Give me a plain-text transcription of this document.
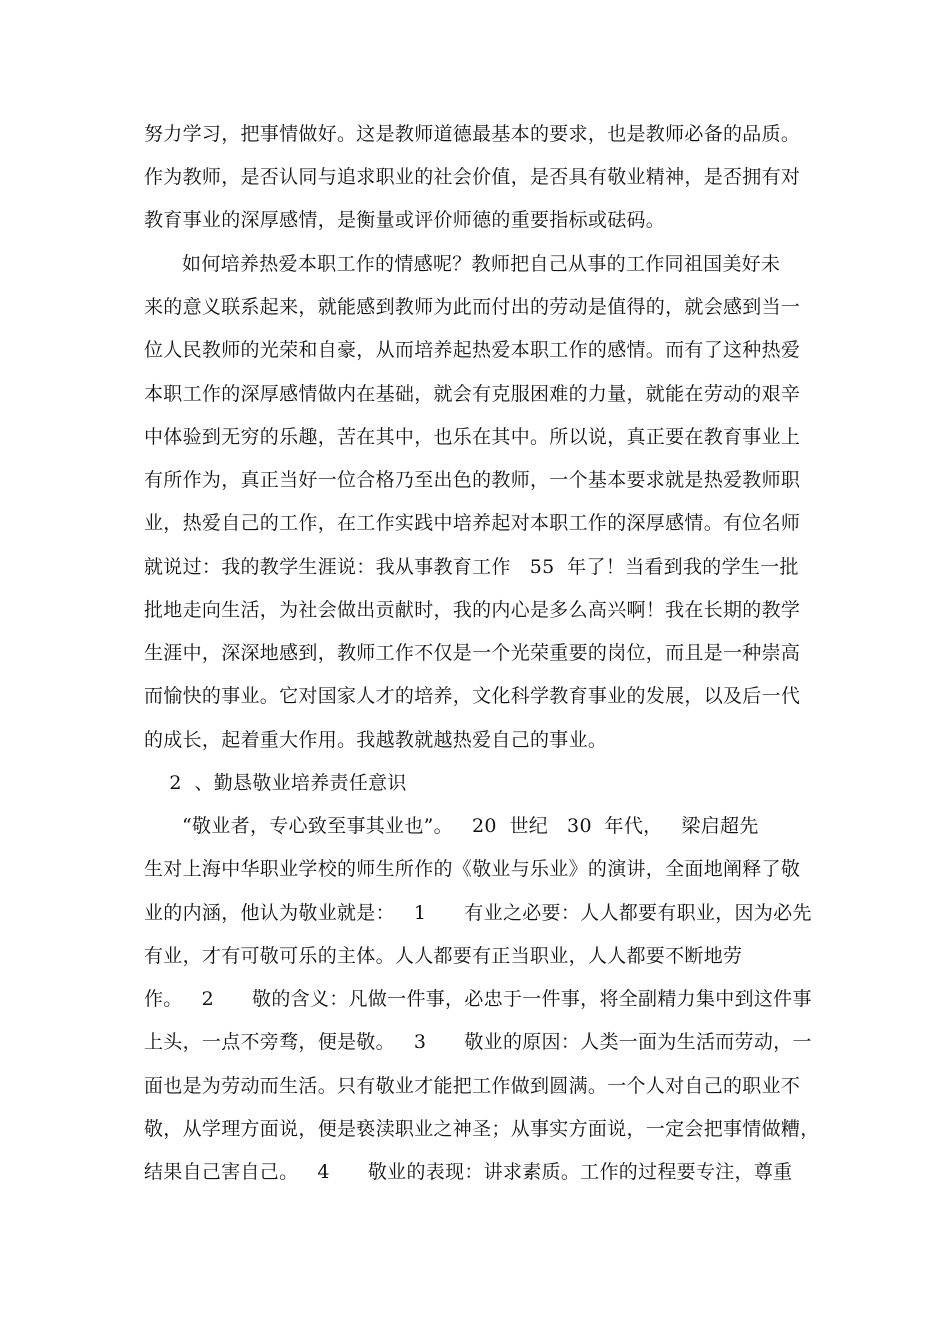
努力学习，把事情做好。这是教师道德最基本的要求，也是教师必备的品质。
作为教师，是否认同与追求职业的社会价值，是否具有敬业精神，是否拥有对
教育事业的深厚感情，是衡量或评价师德的重要指标或砝码。
如何培养热爱本职工作的情感呢？教师把自己从事的工作同祖国美好未
来的意义联系起来，就能感到教师为此而付出的劳动是值得的，就会感到当一
位人民教师的光荣和自豪，从而培养起热爱本职工作的感情。而有了这种热爱
本职工作的深厚感情做内在基础，就会有克服困难的力量，就能在劳动的艰辛
中体验到无穷的乐趣，苦在其中，也乐在其中。所以说，真正要在教育事业上
有所作为，真正当好一位合格乃至出色的教师，一个基本要求就是热爱教师职
业，热爱自己的工作，在工作实践中培养起对本职工作的深厚感情。有位名师
就说过：我的教学生涯说：我从事教育工作   55  年了！当看到我的学生一批
批地走向生活，为社会做出贡献时，我的内心是多么高兴啊！我在长期的教学
生涯中，深深地感到，教师工作不仅是一个光荣重要的岗位，而且是一种崇高
而愉快的事业。它对国家人才的培养，文化科学教育事业的发展，以及后一代
的成长，起着重大作用。我越教就越热爱自己的事业。
2  、勤恳敬业培养责任意识
“敬业者，专心致至事其业也”。   20  世纪   30  年代，   梁启超先
生对上海中华职业学校的师生所作的《敬业与乐业》的演讲，全面地阐释了敬
业的内涵，他认为敬业就是：   1      有业之必要：人人都要有职业，因为必先
有业，才有可敬可乐的主体。人人都要有正当职业，人人都要不断地劳
作。   2      敬的含义：凡做一件事，必忠于一件事，将全副精力集中到这件事
上头，一点不旁骛，便是敬。   3      敬业的原因：人类一面为生活而劳动，一
面也是为劳动而生活。只有敬业才能把工作做到圆满。一个人对自己的职业不
敬，从学理方面说，便是亵渎职业之神圣；从事实方面说，一定会把事情做糟，
结果自己害自己。   4      敬业的表现：讲求素质。工作的过程要专注，尊重
